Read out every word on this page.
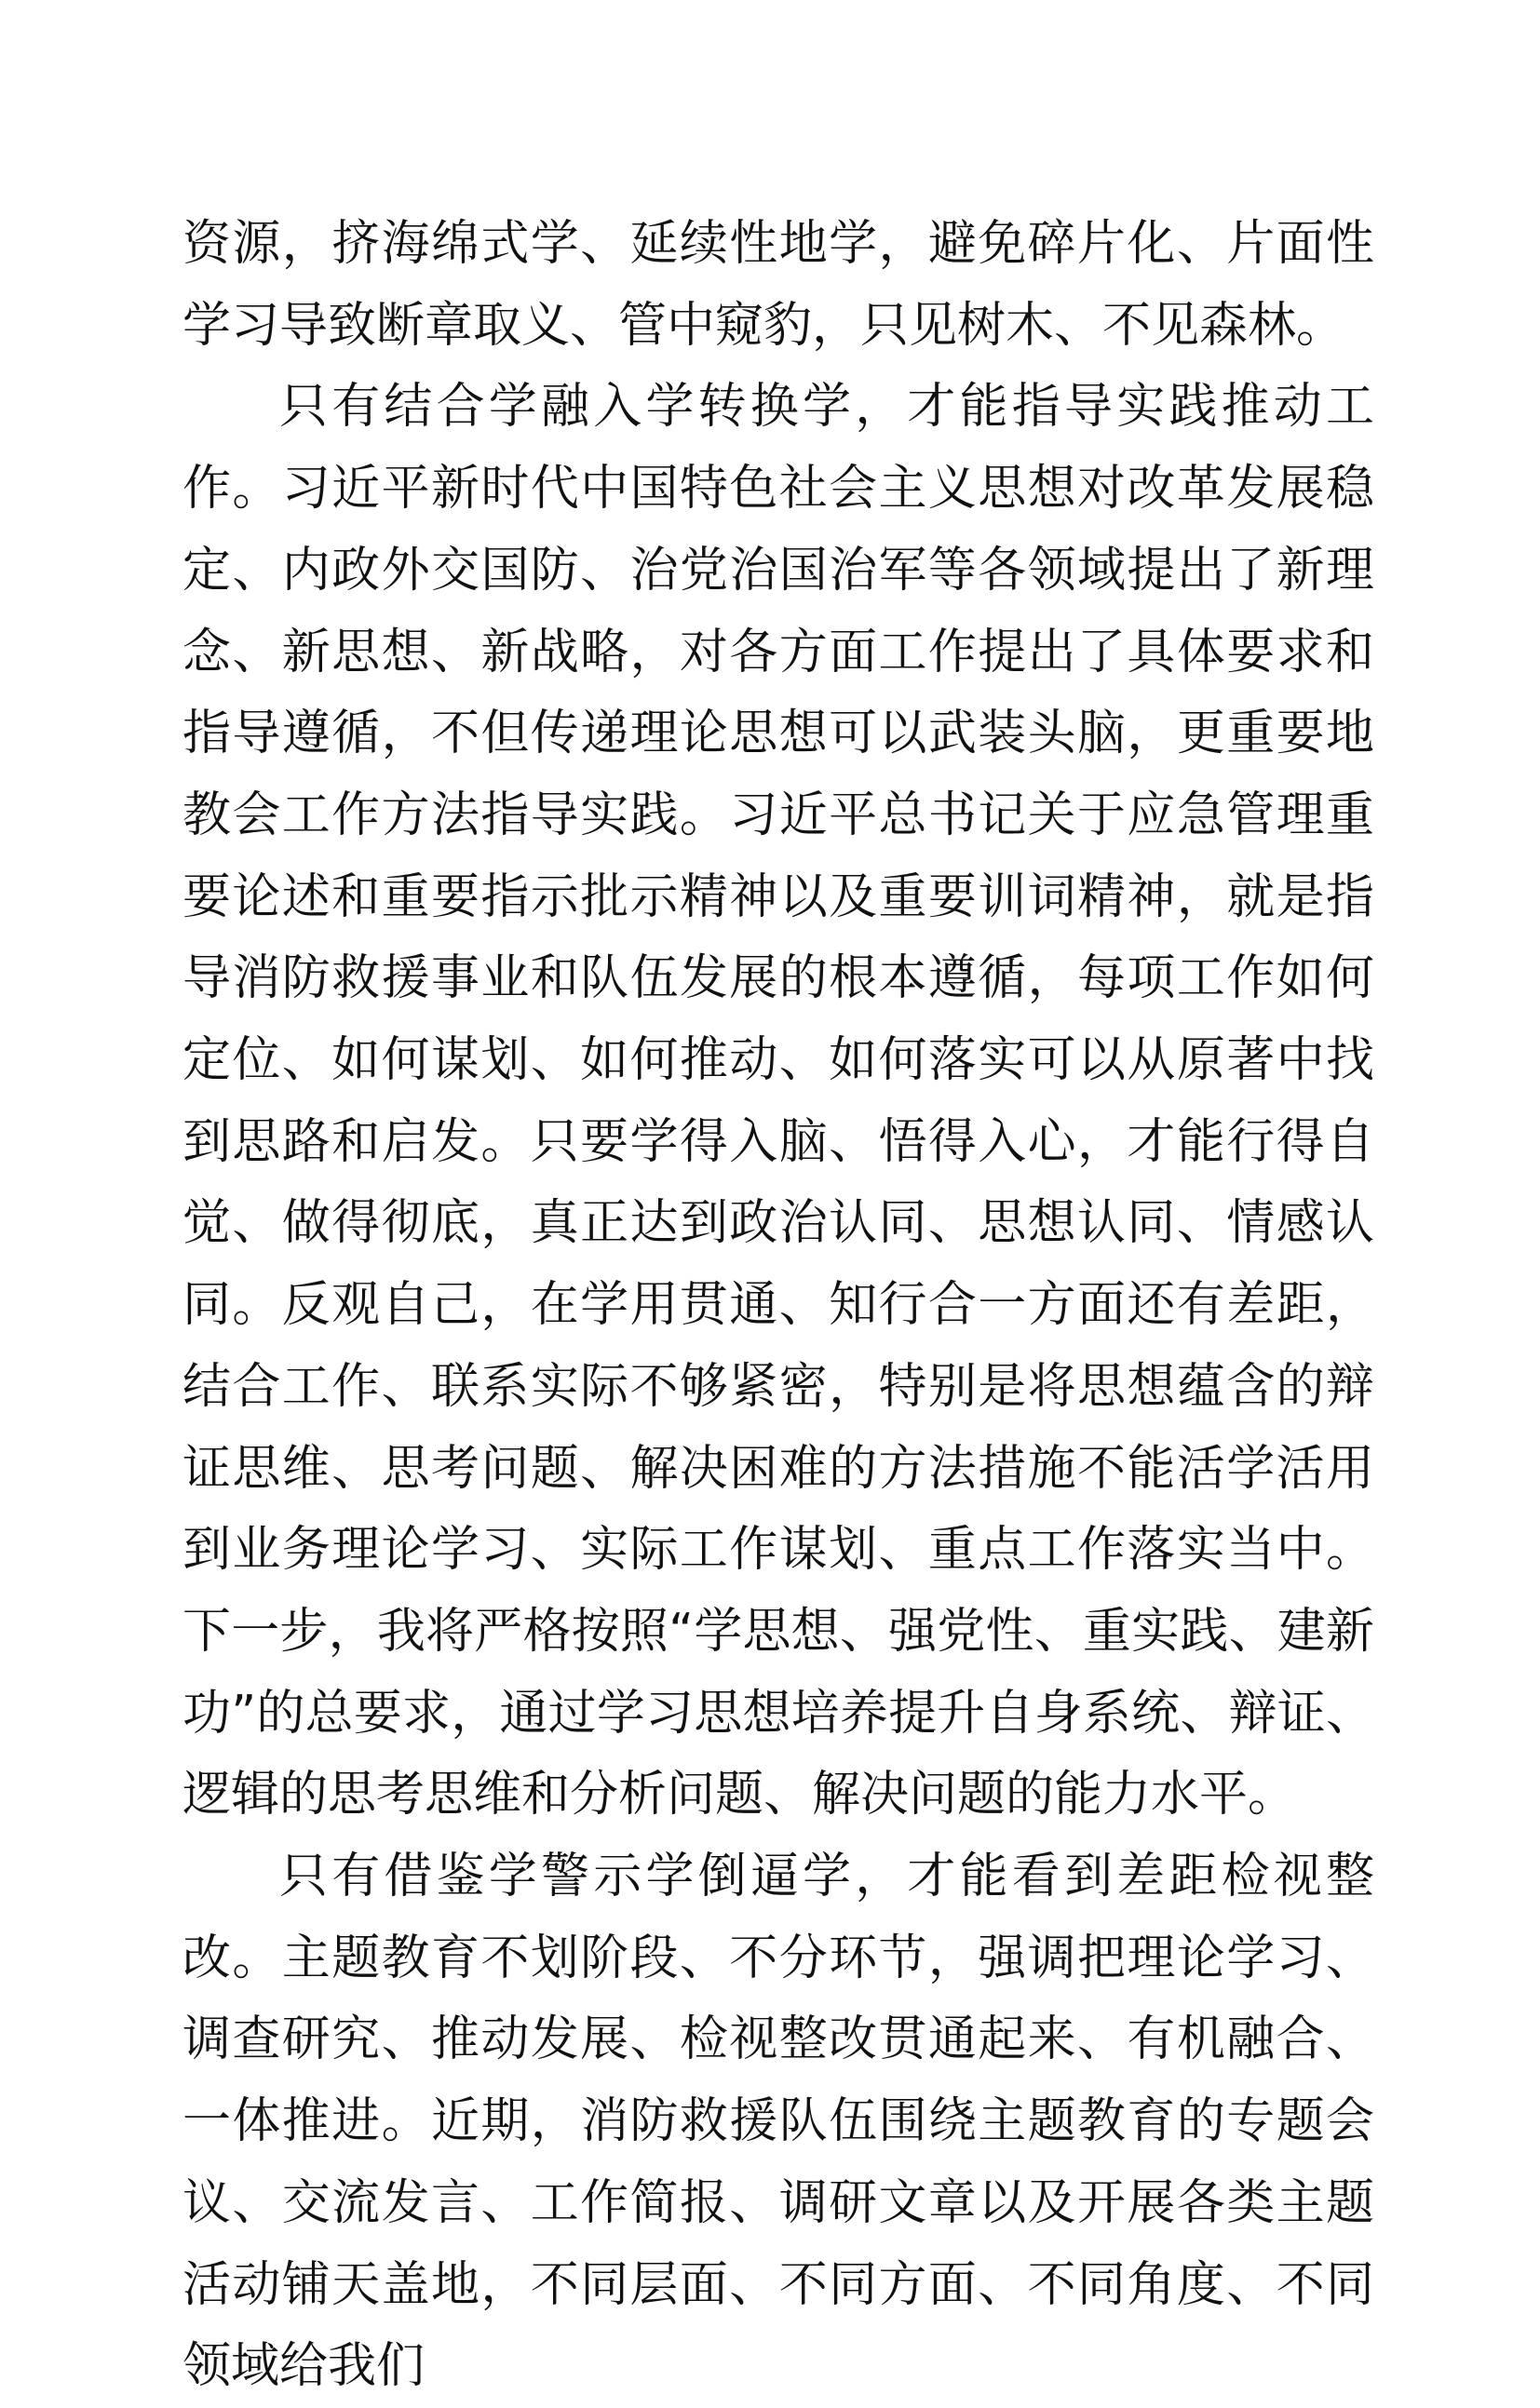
资源，挤海绵式学、延续性地学，避免碎片化、片面性学习导致断章取义、管中窥豹，只见树木、不见森林。

只有结合学融入学转换学，才能指导实践推动工作。习近平新时代中国特色社会主义思想对改革发展稳定、内政外交国防、治党治国治军等各领域提出了新理念、新思想、新战略，对各方面工作提出了具体要求和指导遵循，不但传递理论思想可以武装头脑，更重要地教会工作方法指导实践。习近平总书记关于应急管理重要论述和重要指示批示精神以及重要训词精神，就是指导消防救援事业和队伍发展的根本遵循，每项工作如何定位、如何谋划、如何推动、如何落实可以从原著中找到思路和启发。只要学得入脑、悟得入心，才能行得自觉、做得彻底，真正达到政治认同、思想认同、情感认同。反观自己，在学用贯通、知行合一方面还有差距，结合工作、联系实际不够紧密，特别是将思想蕴含的辩证思维、思考问题、解决困难的方法措施不能活学活用到业务理论学习、实际工作谋划、重点工作落实当中。下一步，我将严格按照“学思想、强党性、重实践、建新功”的总要求，通过学习思想培养提升自身系统、辩证、逻辑的思考思维和分析问题、解决问题的能力水平。

只有借鉴学警示学倒逼学，才能看到差距检视整改。主题教育不划阶段、不分环节，强调把理论学习、调查研究、推动发展、检视整改贯通起来、有机融合、一体推进。近期，消防救援队伍围绕主题教育的专题会议、交流发言、工作简报、调研文章以及开展各类主题活动铺天盖地，不同层面、不同方面、不同角度、不同领域给我们
